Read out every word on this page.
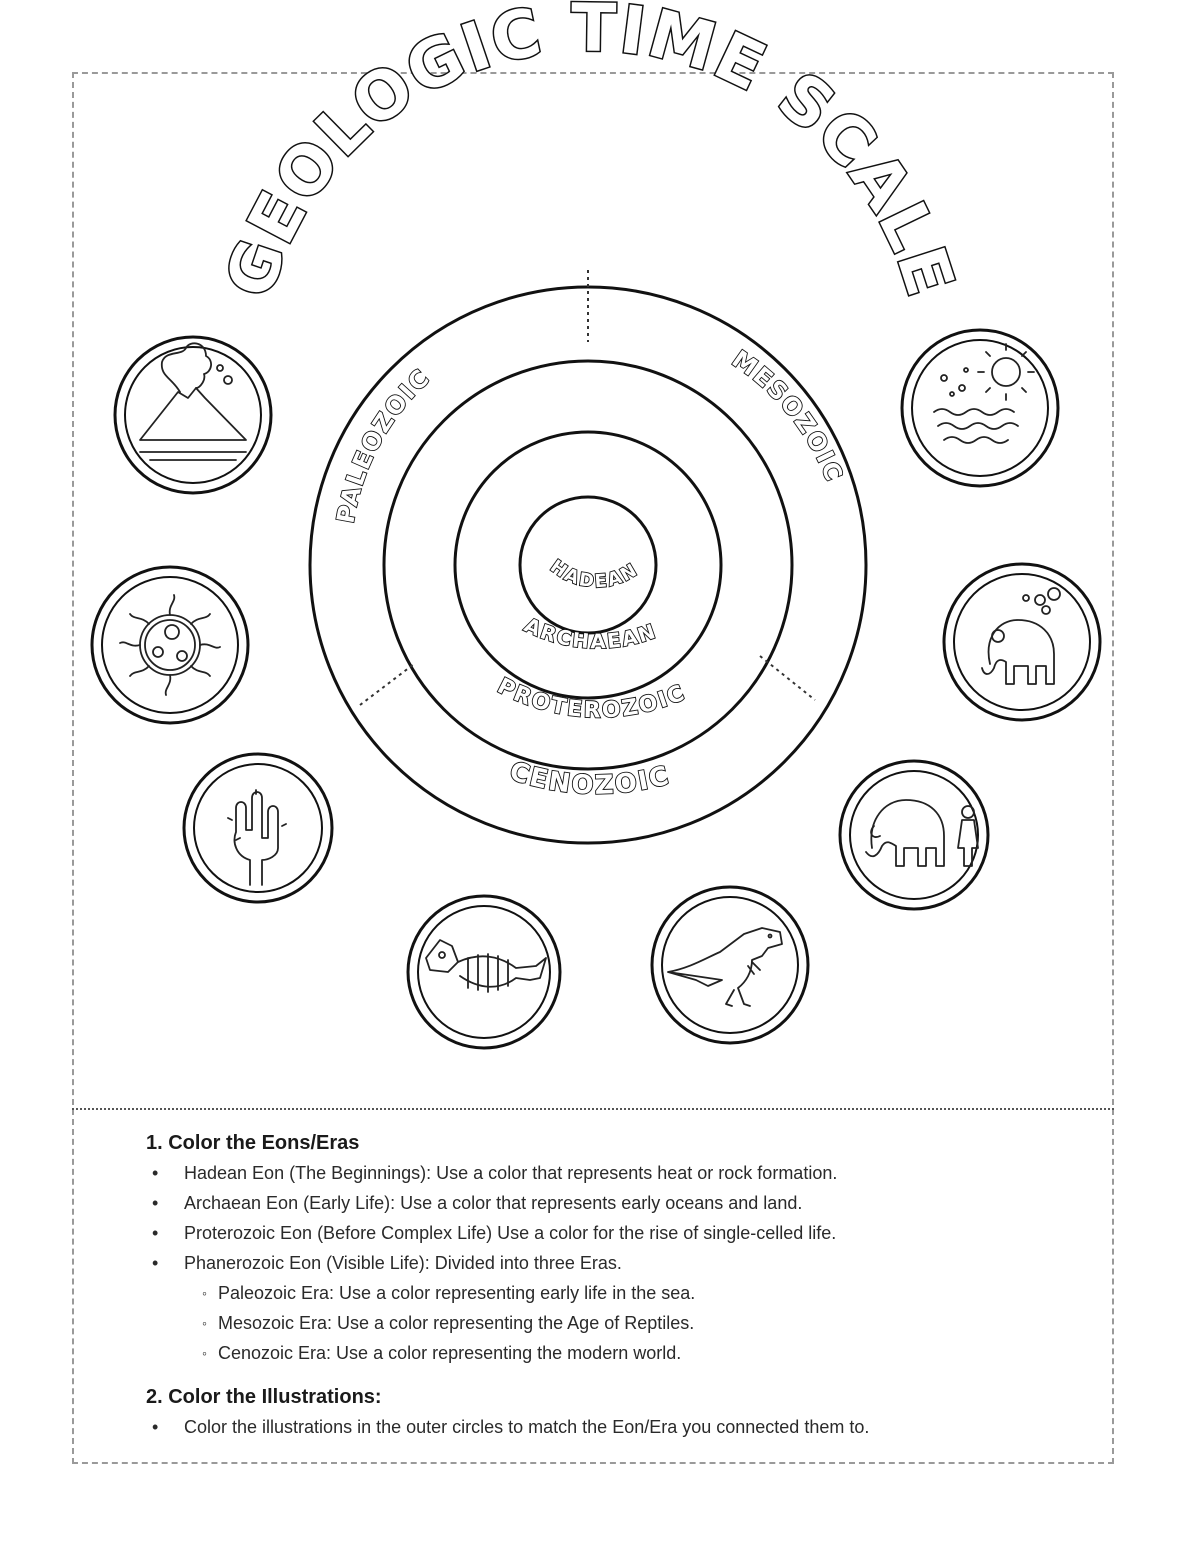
GEOLOGIC TIME SCALE
PALEOZOIC	MESOZOIC
CENOZOIC
PROTEROZOIC
ARCHAEAN
HADEAN

1. Color the Eons/Eras

• Hadean Eon (The Beginnings): Use a color that represents heat or rock formation.
• Archaean Eon (Early Life): Use a color that represents early oceans and land.
• Proterozoic Eon (Before Complex Life) Use a color for the rise of single-celled life.
• Phanerozoic Eon (Visible Life): Divided into three Eras.
◦ Paleozoic Era: Use a color representing early life in the sea.
◦ Mesozoic Era: Use a color representing the Age of Reptiles.
◦ Cenozoic Era: Use a color representing the modern world.

2. Color the Illustrations:

• Color the illustrations in the outer circles to match the Eon/Era you connected them to.
